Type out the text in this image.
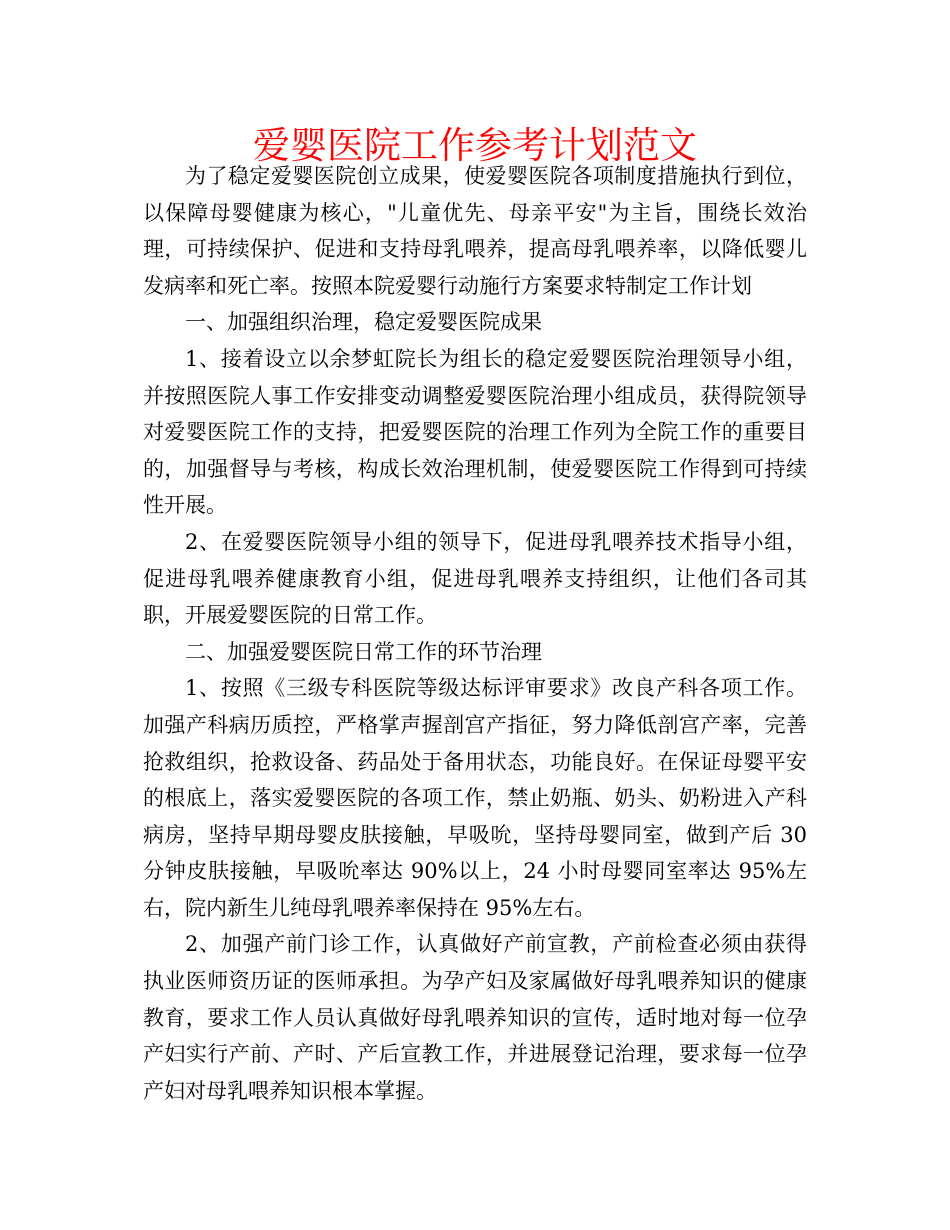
爱婴医院工作参考计划范文

为了稳定爱婴医院创立成果，使爱婴医院各项制度措施执行到位，以保障母婴健康为核心，"儿童优先、母亲平安"为主旨，围绕长效治理，可持续保护、促进和支持母乳喂养，提高母乳喂养率，以降低婴儿发病率和死亡率。按照本院爱婴行动施行方案要求特制定工作计划

一、加强组织治理，稳定爱婴医院成果

1、接着设立以余梦虹院长为组长的稳定爱婴医院治理领导小组，并按照医院人事工作安排变动调整爱婴医院治理小组成员，获得院领导对爱婴医院工作的支持，把爱婴医院的治理工作列为全院工作的重要目的，加强督导与考核，构成长效治理机制，使爱婴医院工作得到可持续性开展。

2、在爱婴医院领导小组的领导下，促进母乳喂养技术指导小组，促进母乳喂养健康教育小组，促进母乳喂养支持组织，让他们各司其职，开展爱婴医院的日常工作。

二、加强爱婴医院日常工作的环节治理

1、按照《三级专科医院等级达标评审要求》改良产科各项工作。加强产科病历质控，严格掌声握剖宫产指征，努力降低剖宫产率，完善抢救组织，抢救设备、药品处于备用状态，功能良好。在保证母婴平安的根底上，落实爱婴医院的各项工作，禁止奶瓶、奶头、奶粉进入产科病房，坚持早期母婴皮肤接触，早吸吮，坚持母婴同室，做到产后 30 分钟皮肤接触，早吸吮率达 90%以上，24 小时母婴同室率达 95%左右，院内新生儿纯母乳喂养率保持在 95%左右。

2、加强产前门诊工作，认真做好产前宣教，产前检查必须由获得执业医师资历证的医师承担。为孕产妇及家属做好母乳喂养知识的健康教育，要求工作人员认真做好母乳喂养知识的宣传，适时地对每一位孕产妇实行产前、产时、产后宣教工作，并进展登记治理，要求每一位孕产妇对母乳喂养知识根本掌握。
